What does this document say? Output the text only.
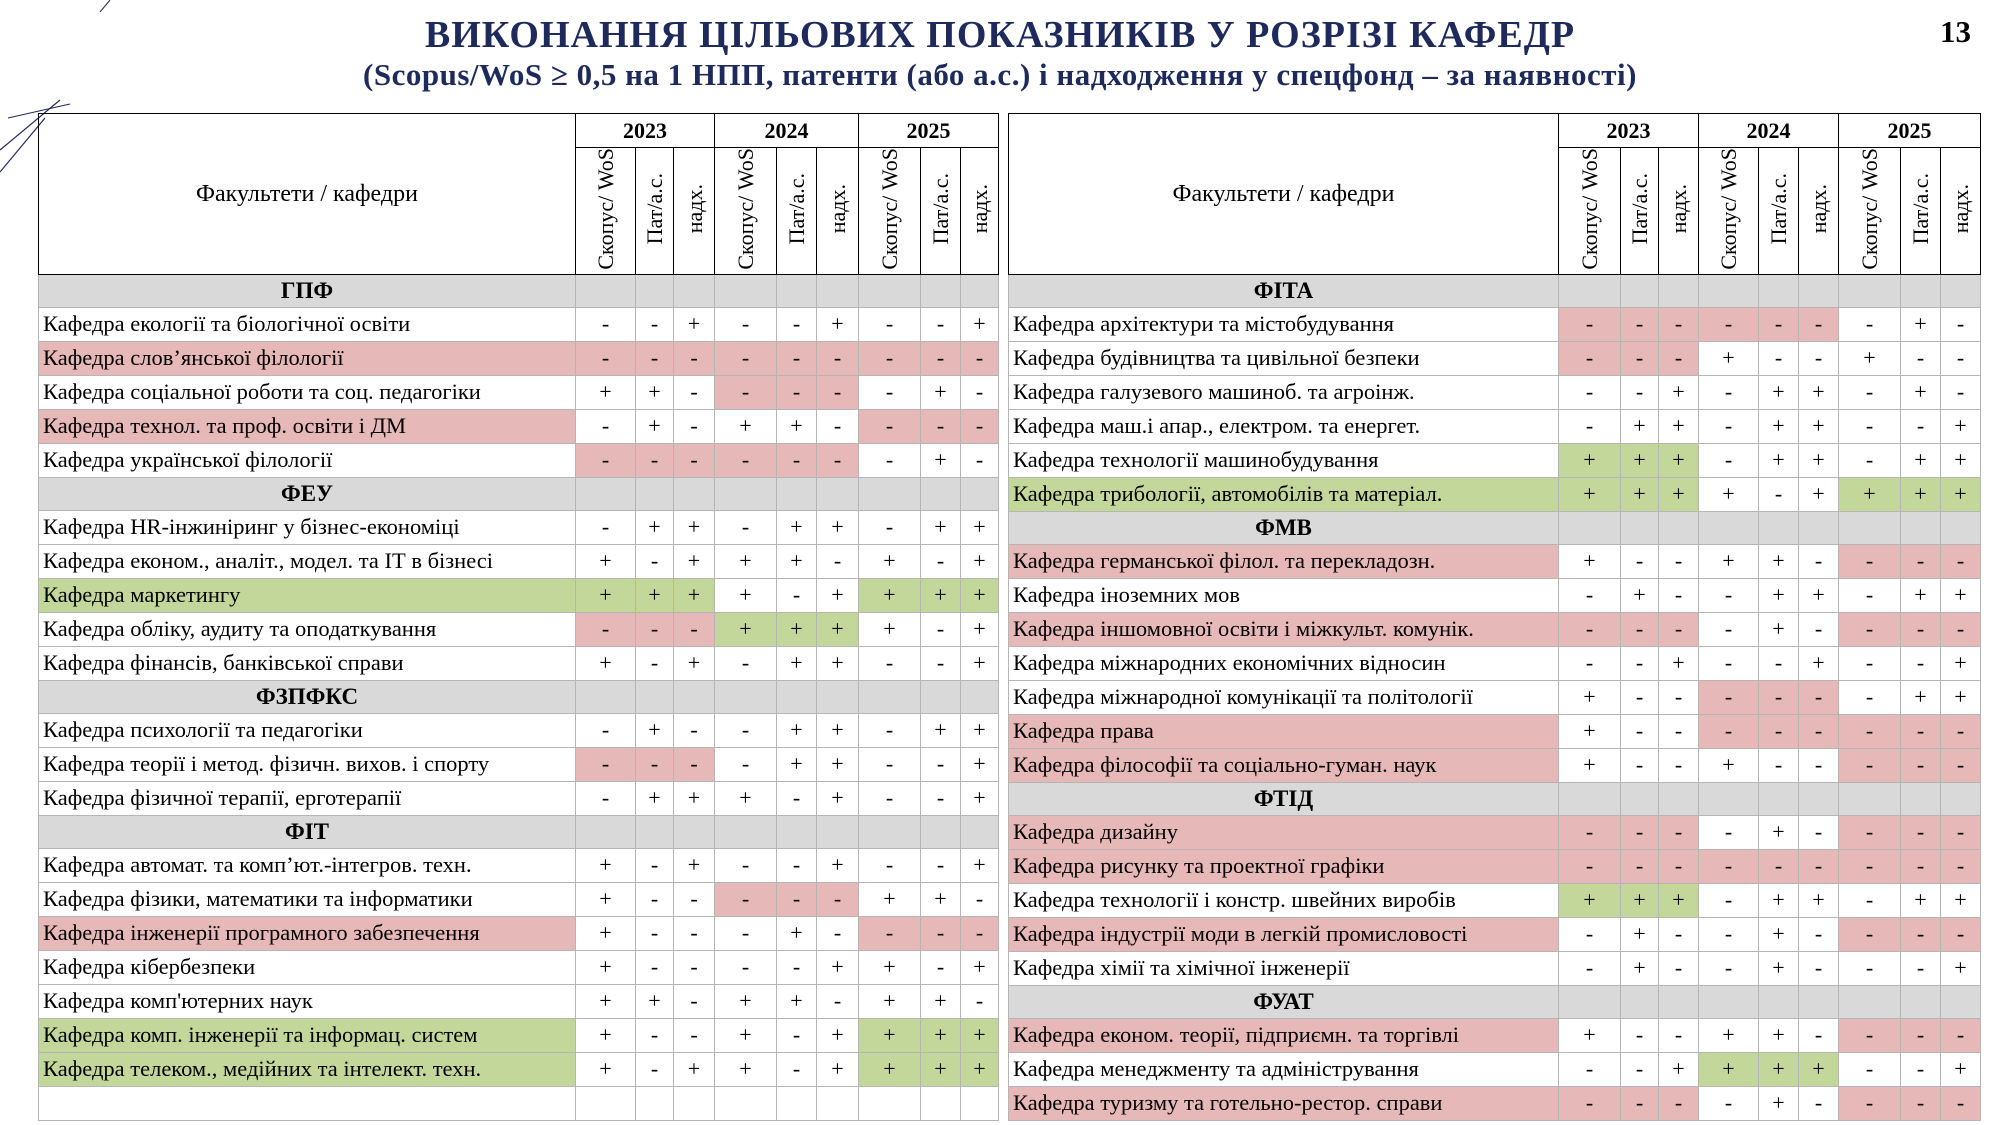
ВИКОНАННЯ ЦІЛЬОВИХ ПОКАЗНИКІВ У РОЗРІЗІ КАФЕДР
(Scopus/WoS ≥ 0,5 на 1 НПП, патенти (або а.с.) і надходження у спецфонд – за наявності)
13
Факультети / кафедри	2023			2024			2025		
	Скопус/ WoS	Пат/а.с.	надх.	Скопус/ WoS	Пат/а.с.	надх.	Скопус/ WoS	Пат/а.с.	надх.
ГПФ									
Кафедра екології та біологічної освіти	-	-	+	-	-	+	-	-	+
Кафедра слов’янської філології	-	-	-	-	-	-	-	-	-
Кафедра соціальної роботи та соц. педагогіки	+	+	-	-	-	-	-	+	-
Кафедра технол. та проф. освіти і ДМ	-	+	-	+	+	-	-	-	-
Кафедра української філології	-	-	-	-	-	-	-	+	-
ФЕУ									
Кафедра HR-інжиніринг у бізнес-економіці	-	+	+	-	+	+	-	+	+
Кафедра економ., аналіт., модел. та ІТ в бізнесі	+	-	+	+	+	-	+	-	+
Кафедра маркетингу	+	+	+	+	-	+	+	+	+
Кафедра обліку, аудиту та оподаткування	-	-	-	+	+	+	+	-	+
Кафедра фінансів, банківської справи	+	-	+	-	+	+	-	-	+
ФЗПФКС									
Кафедра психології та педагогіки	-	+	-	-	+	+	-	+	+
Кафедра теорії і метод. фізичн. вихов. і спорту	-	-	-	-	+	+	-	-	+
Кафедра фізичної терапії, ерготерапії	-	+	+	+	-	+	-	-	+
ФІТ									
Кафедра автомат. та комп’ют.-інтегров. техн.	+	-	+	-	-	+	-	-	+
Кафедра фізики, математики та інформатики	+	-	-	-	-	-	+	+	-
Кафедра інженерії програмного забезпечення	+	-	-	-	+	-	-	-	-
Кафедра кібербезпеки	+	-	-	-	-	+	+	-	+
Кафедра комп'ютерних наук	+	+	-	+	+	-	+	+	-
Кафедра комп. інженерії та інформац. систем	+	-	-	+	-	+	+	+	+
Кафедра телеком., медійних та інтелект. техн.	+	-	+	+	-	+	+	+	+

Факультети / кафедри	2023			2024			2025		
	Скопус/ WoS	Пат/а.с.	надх.	Скопус/ WoS	Пат/а.с.	надх.	Скопус/ WoS	Пат/а.с.	надх.
ФІТА									
Кафедра архітектури та містобудування	-	-	-	-	-	-	-	+	-
Кафедра будівництва та цивільної безпеки	-	-	-	+	-	-	+	-	-
Кафедра галузевого машиноб. та агроінж.	-	-	+	-	+	+	-	+	-
Кафедра маш.і апар., електром. та енергет.	-	+	+	-	+	+	-	-	+
Кафедра технології машинобудування	+	+	+	-	+	+	-	+	+
Кафедра трибології, автомобілів та матеріал.	+	+	+	+	-	+	+	+	+
ФМВ									
Кафедра германської філол. та перекладозн.	+	-	-	+	+	-	-	-	-
Кафедра іноземних мов	-	+	-	-	+	+	-	+	+
Кафедра іншомовної освіти і міжкульт. комунік.	-	-	-	-	+	-	-	-	-
Кафедра міжнародних економічних відносин	-	-	+	-	-	+	-	-	+
Кафедра міжнародної комунікації та політології	+	-	-	-	-	-	-	+	+
Кафедра права	+	-	-	-	-	-	-	-	-
Кафедра філософії та соціально-гуман. наук	+	-	-	+	-	-	-	-	-
ФТІД									
Кафедра дизайну	-	-	-	-	+	-	-	-	-
Кафедра рисунку та проектної графіки	-	-	-	-	-	-	-	-	-
Кафедра технології і констр. швейних виробів	+	+	+	-	+	+	-	+	+
Кафедра індустрії моди в легкій промисловості	-	+	-	-	+	-	-	-	-
Кафедра хімії та хімічної інженерії	-	+	-	-	+	-	-	-	+
ФУАТ									
Кафедра економ. теорії, підприємн. та торгівлі	+	-	-	+	+	-	-	-	-
Кафедра менеджменту та адміністрування	-	-	+	+	+	+	-	-	+
Кафедра туризму та готельно-рестор. справи	-	-	-	-	+	-	-	-	-
